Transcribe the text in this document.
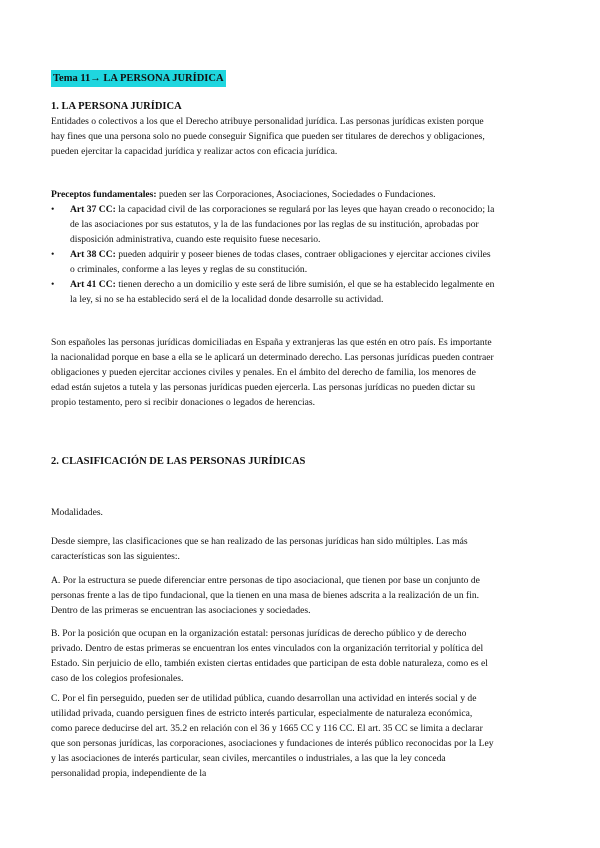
Tema 11→ LA PERSONA JURÍDICA
1. LA PERSONA JURÍDICA
Entidades o colectivos a los que el Derecho atribuye personalidad jurídica. Las personas jurídicas existen porque hay fines que una persona solo no puede conseguir Significa que pueden ser titulares de derechos y obligaciones, pueden ejercitar la capacidad jurídica y realizar actos con eficacia jurídica.
Preceptos fundamentales: pueden ser las Corporaciones, Asociaciones, Sociedades o Fundaciones.
•	Art 37 CC: la capacidad civil de las corporaciones se regulará por las leyes que hayan creado o reconocido; la de las asociaciones por sus estatutos, y la de las fundaciones por las reglas de su institución, aprobadas por disposición administrativa, cuando este requisito fuese necesario.
•	Art 38 CC: pueden adquirir y poseer bienes de todas clases, contraer obligaciones y ejercitar acciones civiles o criminales, conforme a las leyes y reglas de su constitución.
•	Art 41 CC: tienen derecho a un domicilio y este será de libre sumisión, el que se ha establecido legalmente en la ley, si no se ha establecido será el de la localidad donde desarrolle su actividad.
Son españoles las personas jurídicas domiciliadas en España y extranjeras las que estén en otro país. Es importante la nacionalidad porque en base a ella se le aplicará un determinado derecho. Las personas jurídicas pueden contraer obligaciones y pueden ejercitar acciones civiles y penales. En el ámbito del derecho de familia, los menores de edad están sujetos a tutela y las personas jurídicas pueden ejercerla. Las personas jurídicas no pueden dictar su propio testamento, pero si recibir donaciones o legados de herencias.
2. CLASIFICACIÓN DE LAS PERSONAS JURÍDICAS
Modalidades.
Desde siempre, las clasificaciones que se han realizado de las personas jurídicas han sido múltiples. Las más características son las siguientes:.
A. Por la estructura se puede diferenciar entre personas de tipo asociacional, que tienen por base un conjunto de personas frente a las de tipo fundacional, que la tienen en una masa de bienes adscrita a la realización de un fin. Dentro de las primeras se encuentran las asociaciones y sociedades.
B. Por la posición que ocupan en la organización estatal: personas jurídicas de derecho público y de derecho privado. Dentro de estas primeras se encuentran los entes vinculados con la organización territorial y política del Estado. Sin perjuicio de ello, también existen ciertas entidades que participan de esta doble naturaleza, como es el caso de los colegios profesionales.
C. Por el fin perseguido, pueden ser de utilidad pública, cuando desarrollan una actividad en interés social y de utilidad privada, cuando persiguen fines de estricto interés particular, especialmente de naturaleza económica, como parece deducirse del art. 35.2 en relación con el 36 y 1665 CC y 116 CC. El art. 35 CC se limita a declarar que son personas jurídicas, las corporaciones, asociaciones y fundaciones de interés público reconocidas por la Ley y las asociaciones de interés particular, sean civiles, mercantiles o industriales, a las que la ley conceda personalidad propia, independiente de la
